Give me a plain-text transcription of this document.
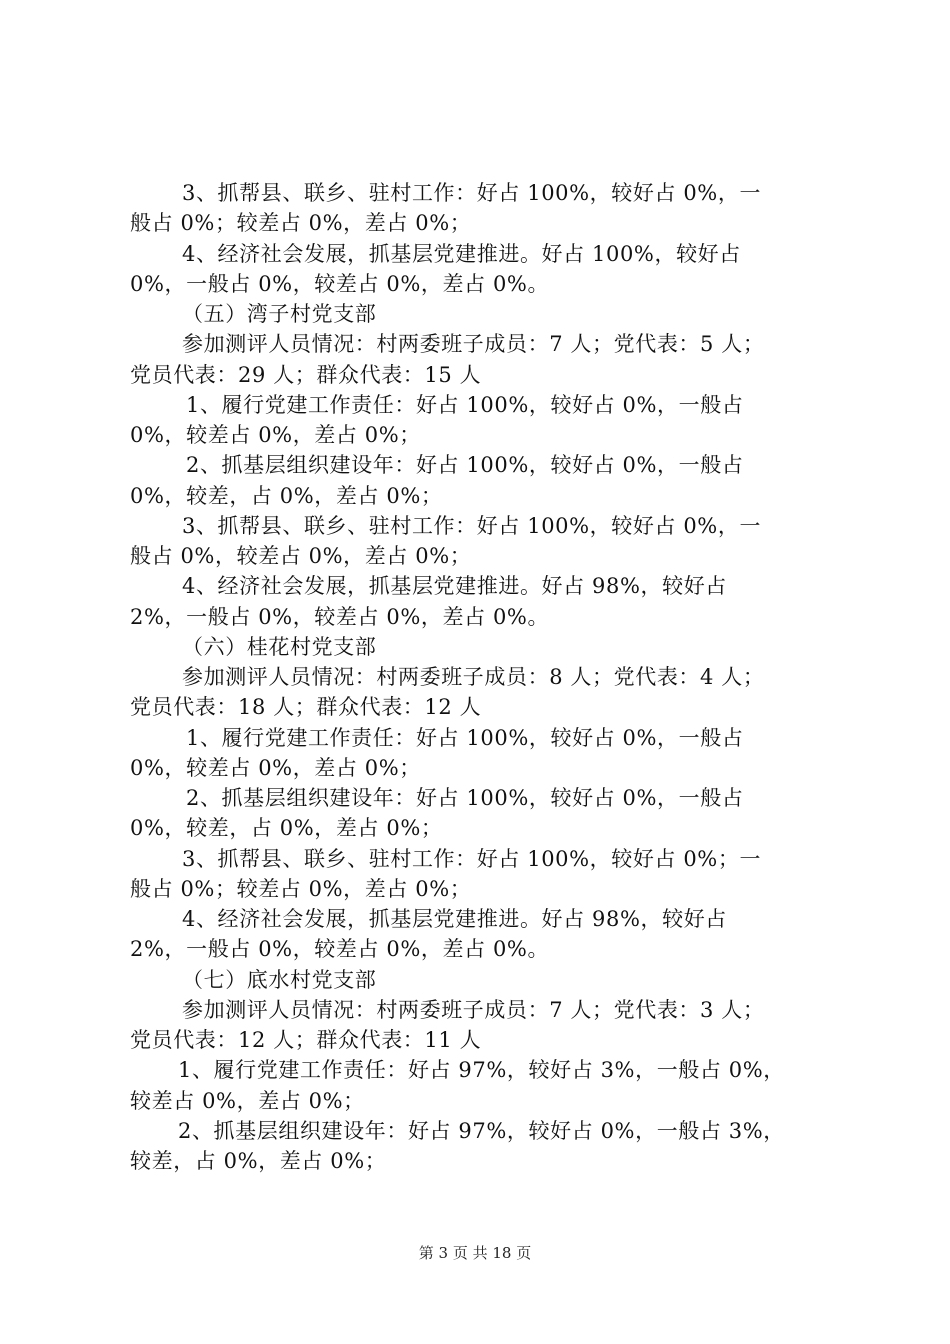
3、抓帮县、联乡、驻村工作：好占 100%，较好占 0%，一
般占 0%；较差占 0%，差占 0%；
4、经济社会发展，抓基层党建推进。好占 100%，较好占
0%，一般占 0%，较差占 0%，差占 0%。
（五）湾子村党支部
参加测评人员情况：村两委班子成员：7 人；党代表：5 人；
党员代表：29 人；群众代表：15 人
1、履行党建工作责任：好占 100%，较好占 0%，一般占
0%，较差占 0%，差占 0%；
2、抓基层组织建设年：好占 100%，较好占 0%，一般占
0%，较差，占 0%，差占 0%；
3、抓帮县、联乡、驻村工作：好占 100%，较好占 0%，一
般占 0%，较差占 0%，差占 0%；
4、经济社会发展，抓基层党建推进。好占 98%，较好占
2%，一般占 0%，较差占 0%，差占 0%。
（六）桂花村党支部
参加测评人员情况：村两委班子成员：8 人；党代表：4 人；
党员代表：18 人；群众代表：12 人
1、履行党建工作责任：好占 100%，较好占 0%，一般占
0%，较差占 0%，差占 0%；
2、抓基层组织建设年：好占 100%，较好占 0%，一般占
0%，较差，占 0%，差占 0%；
3、抓帮县、联乡、驻村工作：好占 100%，较好占 0%；一
般占 0%；较差占 0%，差占 0%；
4、经济社会发展，抓基层党建推进。好占 98%，较好占
2%，一般占 0%，较差占 0%，差占 0%。
（七）底水村党支部
参加测评人员情况：村两委班子成员：7 人；党代表：3 人；
党员代表：12 人；群众代表：11 人
1、履行党建工作责任：好占 97%，较好占 3%，一般占 0%，
较差占 0%，差占 0%；
2、抓基层组织建设年：好占 97%，较好占 0%，一般占 3%，
较差，占 0%，差占 0%；
第 3 页 共 18 页
